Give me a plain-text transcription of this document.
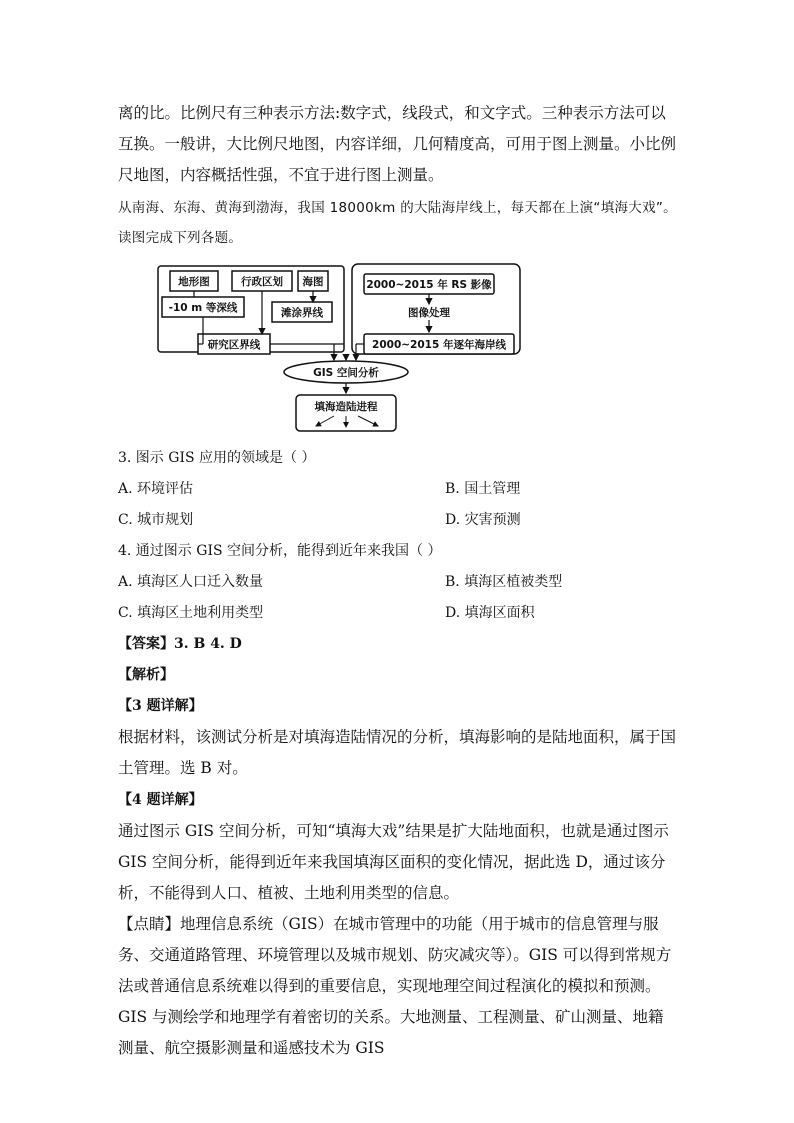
离的比。比例尺有三种表示方法:数字式，线段式，和文字式。三种表示方法可以互换。一般讲，大比例尺地图，内容详细，几何精度高，可用于图上测量。小比例尺地图，内容概括性强，不宜于进行图上测量。

从南海、东海、黄海到渤海，我国 18000km 的大陆海岸线上，每天都在上演“填海大戏”。读图完成下列各题。
地形图	行政区划 海图
-10 m 等深线	滩涂界线
研究区界线
2000~2015 年 RS 影像
图像处理
2000~2015 年逐年海岸线
GIS 空间分析
填海造陆进程
3. 图示 GIS 应用的领域是（ ）
A. 环境评估	B. 国土管理
C. 城市规划	D. 灾害预测
4. 通过图示 GIS 空间分析，能得到近年来我国（ ）
A. 填海区人口迁入数量	B. 填海区植被类型
C. 填海区土地利用类型	D. 填海区面积
【答案】3. B 4. D
【解析】
【3 题详解】

根据材料，该测试分析是对填海造陆情况的分析，填海影响的是陆地面积，属于国土管理。选 B 对。

【4 题详解】

通过图示 GIS 空间分析，可知“填海大戏”结果是扩大陆地面积，也就是通过图示 GIS 空间分析，能得到近年来我国填海区面积的变化情况，据此选 D，通过该分析，不能得到人口、植被、土地利用类型的信息。

【点睛】地理信息系统（GIS）在城市管理中的功能（用于城市的信息管理与服务、交通道路管理、环境管理以及城市规划、防灾减灾等）。GIS 可以得到常规方法或普通信息系统难以得到的重要信息，实现地理空间过程演化的模拟和预测。 GIS 与测绘学和地理学有着密切的关系。大地测量、工程测量、矿山测量、地籍测量、航空摄影测量和遥感技术为 GIS
